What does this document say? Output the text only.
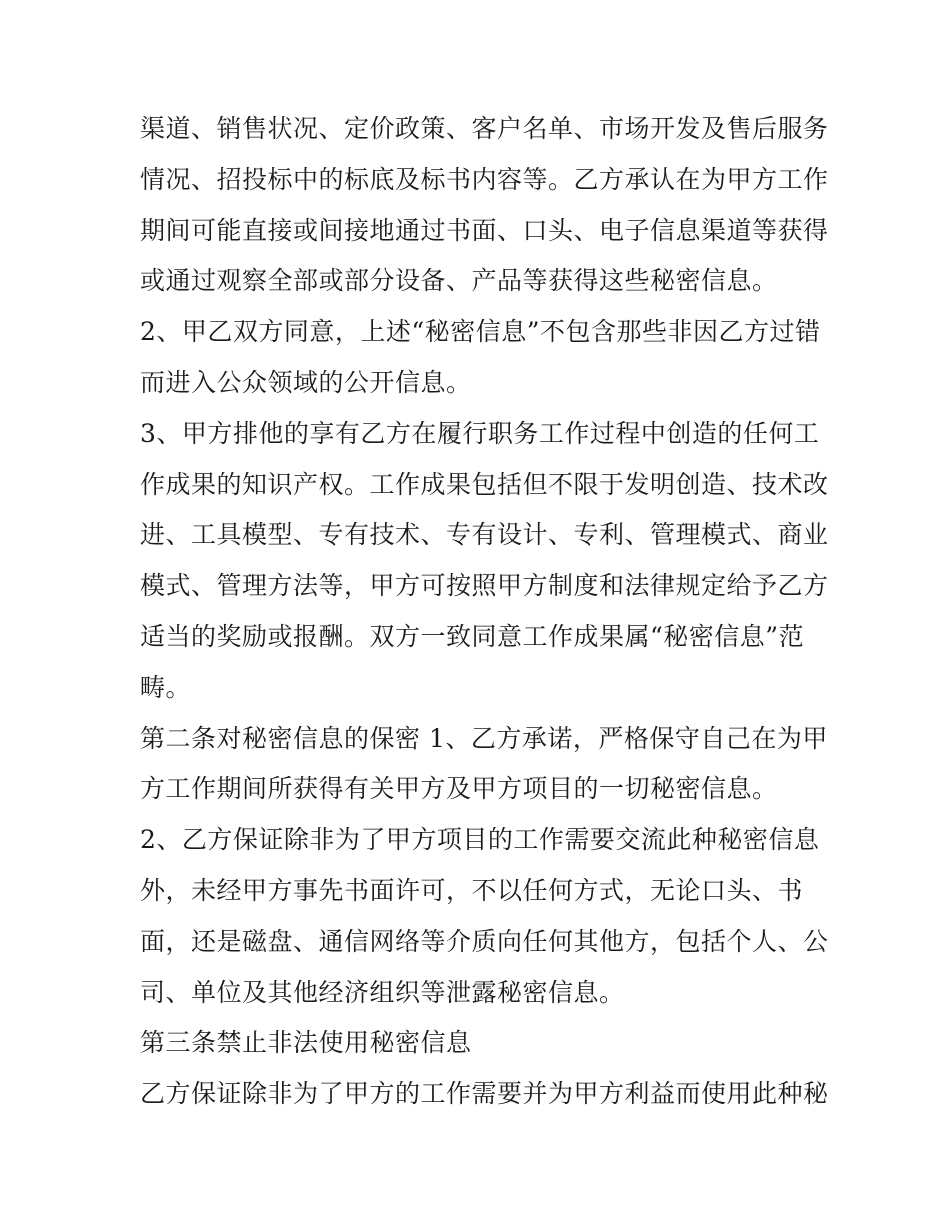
渠道、销售状况、定价政策、客户名单、市场开发及售后服务
情况、招投标中的标底及标书内容等。乙方承认在为甲方工作
期间可能直接或间接地通过书面、口头、电子信息渠道等获得
或通过观察全部或部分设备、产品等获得这些秘密信息。
2、甲乙双方同意，上述“秘密信息”不包含那些非因乙方过错
而进入公众领域的公开信息。
3、甲方排他的享有乙方在履行职务工作过程中创造的任何工
作成果的知识产权。工作成果包括但不限于发明创造、技术改
进、工具模型、专有技术、专有设计、专利、管理模式、商业
模式、管理方法等，甲方可按照甲方制度和法律规定给予乙方
适当的奖励或报酬。双方一致同意工作成果属“秘密信息”范
畴。
第二条对秘密信息的保密 1、乙方承诺，严格保守自己在为甲
方工作期间所获得有关甲方及甲方项目的一切秘密信息。
2、乙方保证除非为了甲方项目的工作需要交流此种秘密信息
外，未经甲方事先书面许可，不以任何方式，无论口头、书
面，还是磁盘、通信网络等介质向任何其他方，包括个人、公
司、单位及其他经济组织等泄露秘密信息。
第三条禁止非法使用秘密信息
乙方保证除非为了甲方的工作需要并为甲方利益而使用此种秘
